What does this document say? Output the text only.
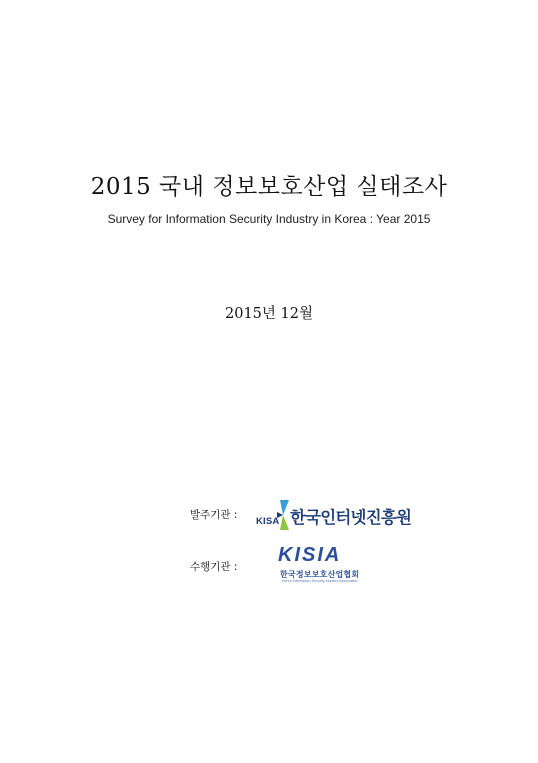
2015 국내 정보보호산업 실태조사
Survey for Information Security Industry in Korea : Year 2015
2015년 12월
발주기관 :
KISA 한국인터넷진흥원
수행기관 :
KISIA
한국정보보호산업협회
Korea Information Security Industry Association
